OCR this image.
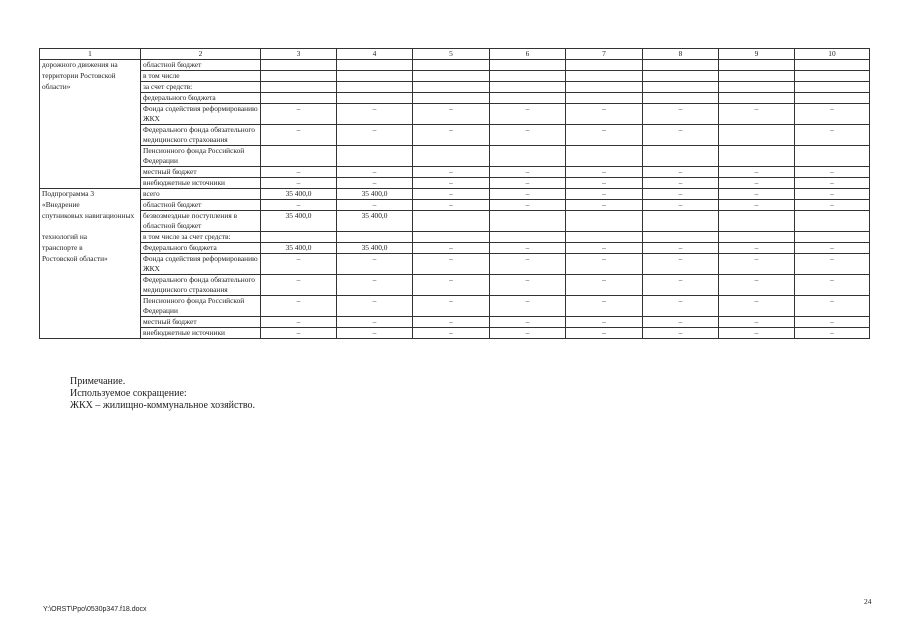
1	2	3	4	5	6	7	8	9	10
дорожного движения на	областной бюджет								
территории Ростовской	в том числе								
области»	за счет средств:								
	федерального бюджета								
	Фонда содействия реформированию ЖКХ	–	–	–	–	–	–	–	–
	Федерального фонда обязательного медицинского страхования	–	–	–	–	–	–		–
	Пенсионного фонда Российской Федерации								
	местный бюджет	–	–	–	–	–	–	–	–
	внебюджетные источники	–	–	–	–	–	–	–	–
Подпрограмма 3	всего	35 400,0	35 400,0	–	–	–	–	–	–
«Внедрение	областной бюджет	–	–	–	–	–	–	–	–
спутниковых навигационных	безвозмездные поступления в областной бюджет	35 400,0	35 400,0						
технологий на	в том числе за счет средств:								
транспорте в	Федерального бюджета	35 400,0	35 400,0	–	–	–	–	–	–
Ростовской области»	Фонда содействия реформированию ЖКХ	–	–	–	–	–	–	–	–
	Федерального фонда обязательного медицинского страхования	–	–	–	–	–	–	–	–
	Пенсионного фонда Российской Федерации	–	–	–	–	–	–	–	–
	местный бюджет	–	–	–	–	–	–	–	–
	внебюджетные источники	–	–	–	–	–	–	–	–
Примечание.
Используемое сокращение:
ЖКХ – жилищно-коммунальное хозяйство.
24
Y:\ORST\Ppo\0530p347.f18.docx
